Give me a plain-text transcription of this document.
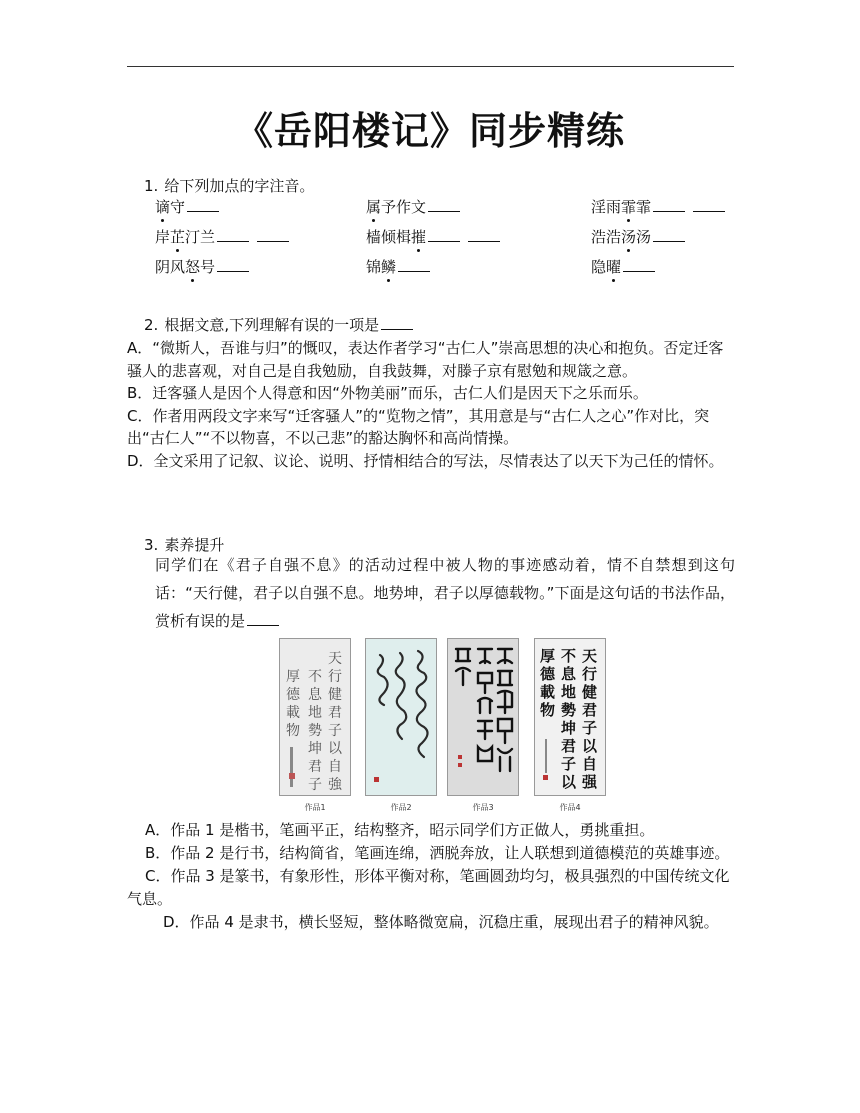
《岳阳楼记》同步精练
1. 给下列加点的字注音。
谪守	属予作文	淫雨霏霏
岸芷汀兰	樯倾楫摧	浩浩汤汤
阴风怒号	锦鳞	隐曜
2. 根据文意,下列理解有误的一项是
A．“微斯人，吾谁与归”的慨叹，表达作者学习“古仁人”崇高思想的决心和抱负。否定迁客骚人的悲喜观，对自己是自我勉励，自我鼓舞，对滕子京有慰勉和规箴之意。
B．迁客骚人是因个人得意和因“外物美丽”而乐，古仁人们是因天下之乐而乐。
C．作者用两段文字来写“迁客骚人”的“览物之情”，其用意是与“古仁人之心”作对比，突出“古仁人”“不以物喜，不以己悲”的豁达胸怀和高尚情操。
D．全文采用了记叙、议论、说明、抒情相结合的写法，尽情表达了以天下为己任的情怀。
3. 素养提升
同学们在《君子自强不息》的活动过程中被人物的事迹感动着，情不自禁想到这句话：“天行健，君子以自强不息。地势坤，君子以厚德载物。”下面是这句话的书法作品，赏析有误的是
天
行
健
君
子
以
自
強
不
息
地
勢
坤
君
子
厚
德
載
物
天
行
健
君
子
以
自
强
不
息
地
勢
坤
君
子
以
厚
德
載
物
作品1	作品2	作品3	作品4
A．作品 1 是楷书，笔画平正，结构整齐，昭示同学们方正做人，勇挑重担。
B．作品 2 是行书，结构简省，笔画连绵，洒脱奔放，让人联想到道德模范的英雄事迹。
C．作品 3 是篆书，有象形性，形体平衡对称，笔画圆劲均匀，极具强烈的中国传统文化气息。
D．作品 4 是隶书，横长竖短，整体略微宽扁，沉稳庄重，展现出君子的精神风貌。
